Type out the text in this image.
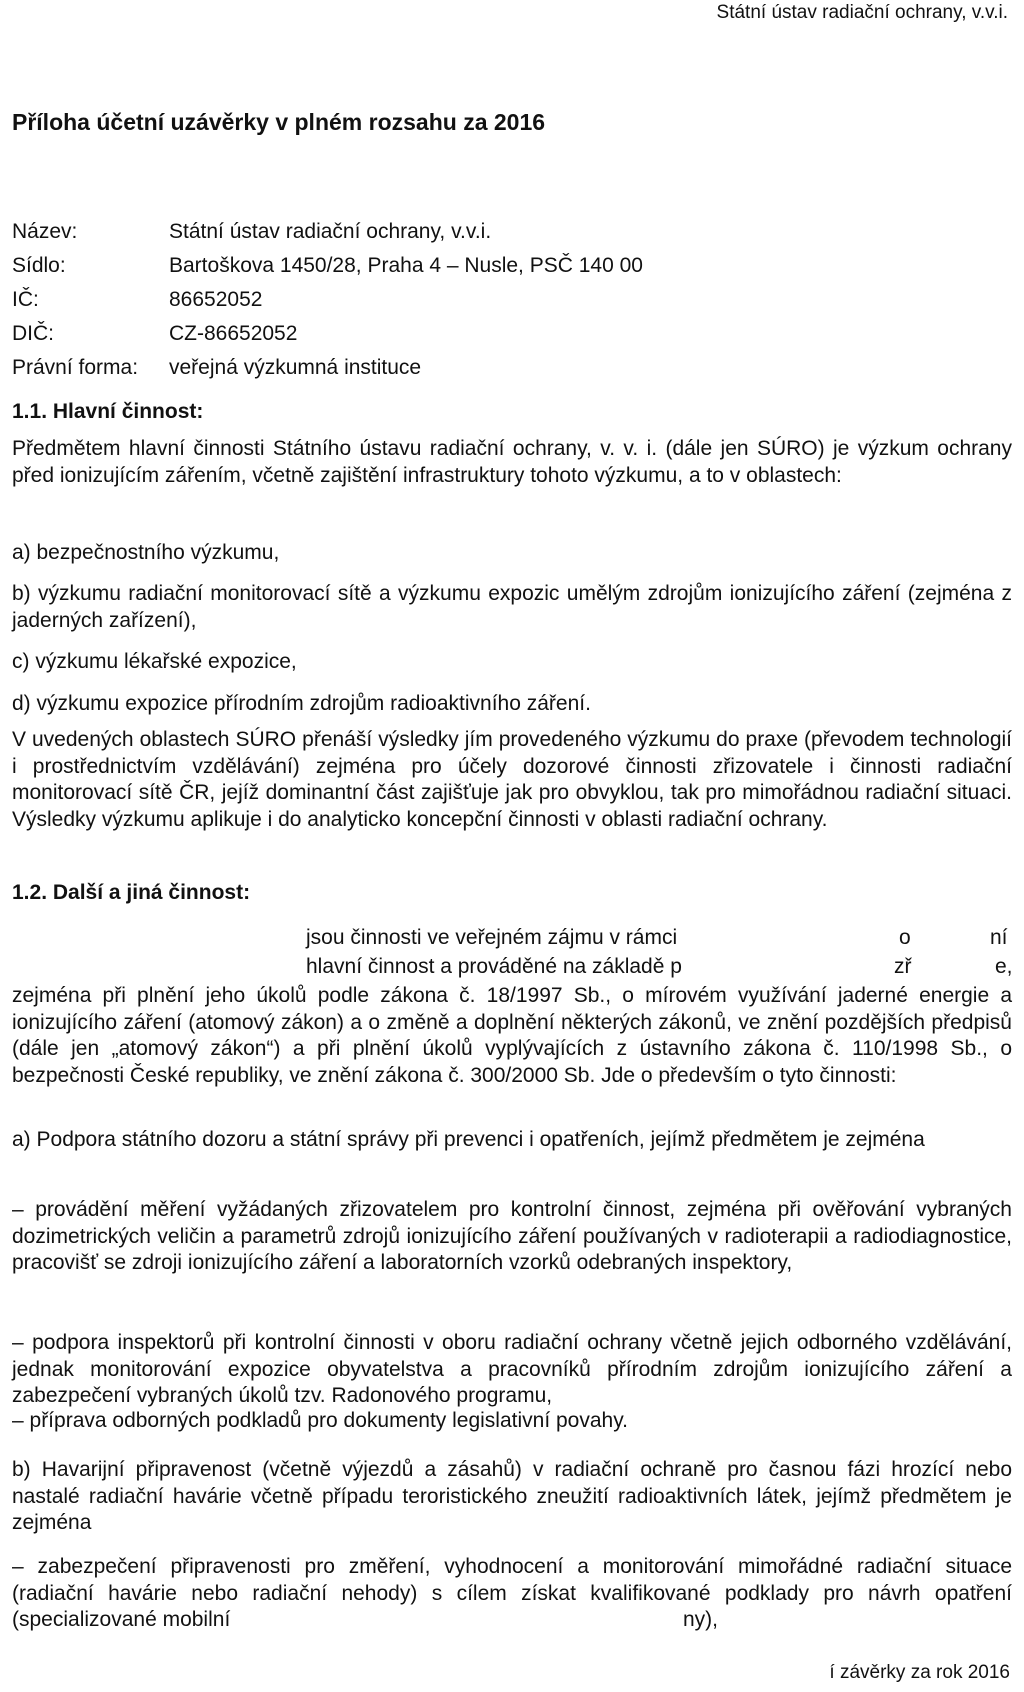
Státní ústav radiační ochrany, v.v.i.
Příloha účetní uzávěrky v plném rozsahu za 2016
Název:	Státní ústav radiační ochrany, v.v.i.
Sídlo:	Bartoškova 1450/28, Praha 4 – Nusle, PSČ 140 00
IČ:	86652052
DIČ:	CZ-86652052
Právní forma: veřejná výzkumná instituce
1.1. Hlavní činnost:
Předmětem hlavní činnosti Státního ústavu radiační ochrany, v. v. i. (dále jen SÚRO) je výzkum ochrany před ionizujícím zářením, včetně zajištění infrastruktury tohoto výzkumu, a to v oblastech:
a) bezpečnostního výzkumu,
b) výzkumu radiační monitorovací sítě a výzkumu expozic umělým zdrojům ionizujícího záření (zejména z jaderných zařízení),
c) výzkumu lékařské expozice,
d) výzkumu expozice přírodním zdrojům radioaktivního záření.
V uvedených oblastech SÚRO přenáší výsledky jím provedeného výzkumu do praxe (převodem technologií i prostřednictvím vzdělávání) zejména pro účely dozorové činnosti zřizovatele i činnosti radiační monitorovací sítě ČR, jejíž dominantní část zajišťuje jak pro obvyklou, tak pro mimořádnou radiační situaci. Výsledky výzkumu aplikuje i do analyticko koncepční činnosti v oblasti radiační ochrany.
1.2. Další a jiná činnost:
jsou činnosti ve veřejném zájmu v rámci	o	ní
hlavní činnost a prováděné na základě p	zř	e,
zejména při plnění jeho úkolů podle zákona č. 18/1997 Sb., o mírovém využívání jaderné energie a ionizujícího záření (atomový zákon) a o změně a doplnění některých zákonů, ve znění pozdějších předpisů (dále jen „atomový zákon“) a při plnění úkolů vyplývajících z ústavního zákona č. 110/1998 Sb., o bezpečnosti České republiky, ve znění zákona č. 300/2000 Sb. Jde o především o tyto činnosti:
a) Podpora státního dozoru a státní správy při prevenci i opatřeních, jejímž předmětem je zejména
– provádění měření vyžádaných zřizovatelem pro kontrolní činnost, zejména při ověřování vybraných dozimetrických veličin a parametrů zdrojů ionizujícího záření používaných v radioterapii a radiodiagnostice, pracovišť se zdroji ionizujícího záření a laboratorních vzorků odebraných inspektory,
– podpora inspektorů při kontrolní činnosti v oboru radiační ochrany včetně jejich odborného vzdělávání, jednak monitorování expozice obyvatelstva a pracovníků přírodním zdrojům ionizujícího záření a zabezpečení vybraných úkolů tzv. Radonového programu,
– příprava odborných podkladů pro dokumenty legislativní povahy.
b) Havarijní připravenost (včetně výjezdů a zásahů) v radiační ochraně pro časnou fázi hrozící nebo nastalé radiační havárie včetně případu teroristického zneužití radioaktivních látek, jejímž předmětem je zejména
– zabezpečení připravenosti pro změření, vyhodnocení a monitorování mimořádné radiační situace (radiační havárie nebo radiační nehody) s cílem získat kvalifikované podklady pro návrh opatření (specializované mobilní	ny),
í závěrky za rok 2016
